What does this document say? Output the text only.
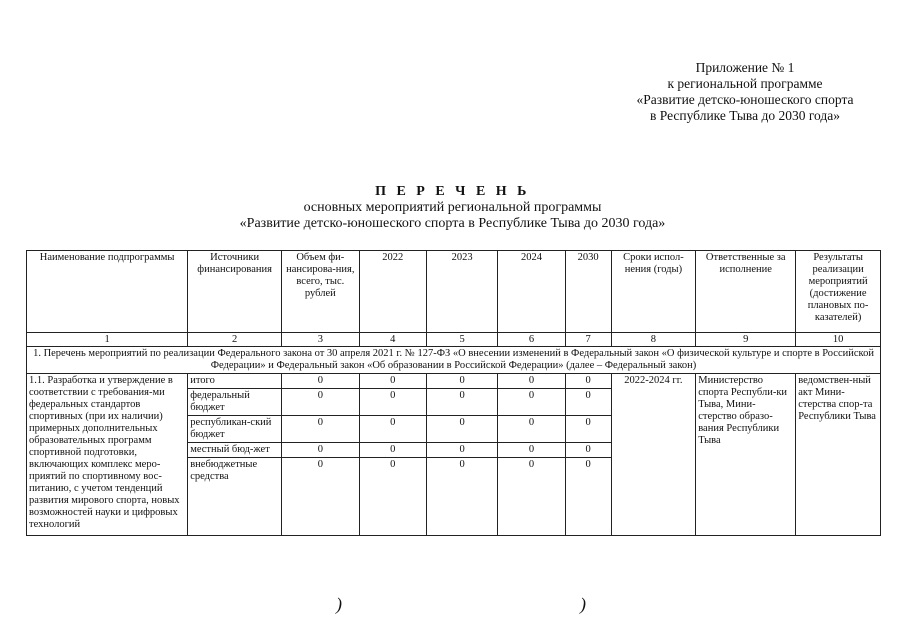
Приложение № 1
к региональной программе
«Развитие детско-юношеского спорта
в Республике Тыва до 2030 года»
П Е Р Е Ч Е Н Ь
основных мероприятий региональной программы
«Развитие детско-юношеского спорта в Республике Тыва до 2030 года»
Наименование подпрограммы	Источники финансирования	Объем фи-нансирова-ния, всего, тыс. рублей	2022	2023	2024	2030	Сроки испол-нения (годы)	Ответственные за исполнение	Результаты реализации мероприятий (достижение плановых по-казателей)
1	2	3	4	5	6	7	8	9	10
1. Перечень мероприятий по реализации Федерального закона от 30 апреля 2021 г. № 127-ФЗ «О внесении изменений в Федеральный закон «О физической культуре и спорте в Российской Федерации» и Федеральный закон «Об образовании в Российской Федерации» (далее – Федеральный закон)									
1.1. Разработка и утверждение в соответствии с требования-ми федеральных стандартов спортивных (при их наличии) примерных дополнительных образовательных программ спортивной подготовки, включающих комплекс меро-приятий по спортивному вос-питанию, с учетом тенденций развития мирового спорта, новых возможностей науки и цифровых технологий	итого	0	0	0	0	0	2022-2024 гг.	Министерство спорта Республи-ки Тыва, Мини-стерство образо-вания Республики Тыва	ведомствен-ный акт Мини-стерства спор-та Республики Тыва
	федеральный бюджет	0	0	0	0	0			
	республикан-ский бюджет	0	0	0	0	0			
	местный бюд-жет	0	0	0	0	0			
	внебюджетные средства	0	0	0	0	0			
)	)
